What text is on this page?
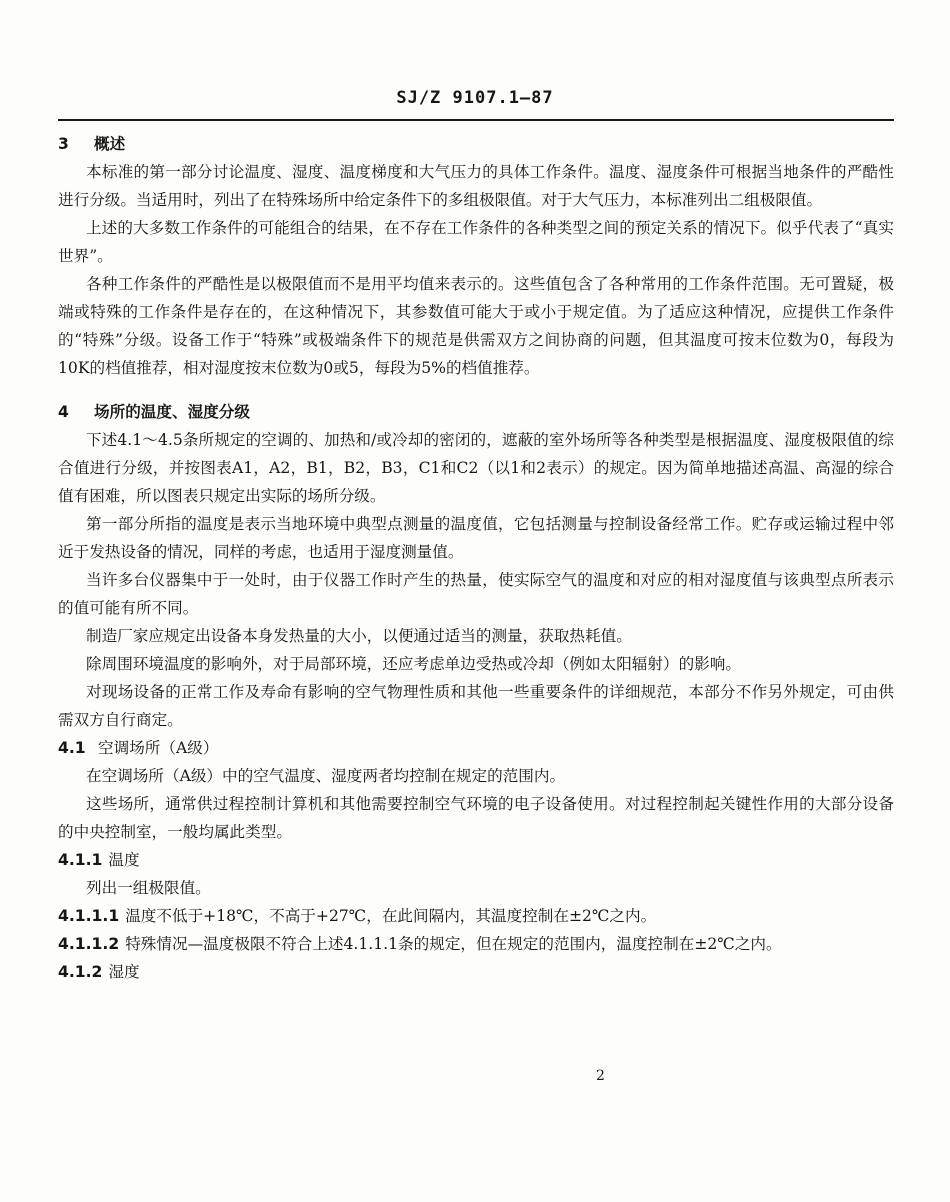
SJ/Z 9107.1—87

3 概述

本标准的第一部分讨论温度、湿度、温度梯度和大气压力的具体工作条件。温度、湿度条件可根据当地条件的严酷性进行分级。当适用时，列出了在特殊场所中给定条件下的多组极限值。对于大气压力，本标准列出二组极限值。

上述的大多数工作条件的可能组合的结果，在不存在工作条件的各种类型之间的预定关系的情况下。似乎代表了“真实世界”。

各种工作条件的严酷性是以极限值而不是用平均值来表示的。这些值包含了各种常用的工作条件范围。无可置疑，极端或特殊的工作条件是存在的，在这种情况下，其参数值可能大于或小于规定值。为了适应这种情况，应提供工作条件的“特殊”分级。设备工作于“特殊”或极端条件下的规范是供需双方之间协商的问题，但其温度可按末位数为0，每段为10K的档值推荐，相对湿度按末位数为0或5，每段为5%的档值推荐。

4 场所的温度、湿度分级

下述4.1～4.5条所规定的空调的、加热和/或冷却的密闭的，遮蔽的室外场所等各种类型是根据温度、湿度极限值的综合值进行分级，并按图表A1，A2，B1，B2，B3，C1和C2（以1和2表示）的规定。因为简单地描述高温、高湿的综合值有困难，所以图表只规定出实际的场所分级。

第一部分所指的温度是表示当地环境中典型点测量的温度值，它包括测量与控制设备经常工作。贮存或运输过程中邻近于发热设备的情况，同样的考虑，也适用于湿度测量值。

当许多台仪器集中于一处时，由于仪器工作时产生的热量，使实际空气的温度和对应的相对湿度值与该典型点所表示的值可能有所不同。

制造厂家应规定出设备本身发热量的大小，以便通过适当的测量，获取热耗值。

除周围环境温度的影响外，对于局部环境，还应考虑单边受热或冷却（例如太阳辐射）的影响。

对现场设备的正常工作及寿命有影响的空气物理性质和其他一些重要条件的详细规范，本部分不作另外规定，可由供需双方自行商定。

4.1 空调场所（A级）

在空调场所（A级）中的空气温度、湿度两者均控制在规定的范围内。

这些场所，通常供过程控制计算机和其他需要控制空气环境的电子设备使用。对过程控制起关键性作用的大部分设备的中央控制室，一般均属此类型。

4.1.1 温度

列出一组极限值。

4.1.1.1 温度不低于+18℃，不高于+27℃，在此间隔内，其温度控制在±2℃之内。

4.1.1.2 特殊情况—温度极限不符合上述4.1.1.1条的规定，但在规定的范围内，温度控制在±2℃之内。

4.1.2 湿度

2
